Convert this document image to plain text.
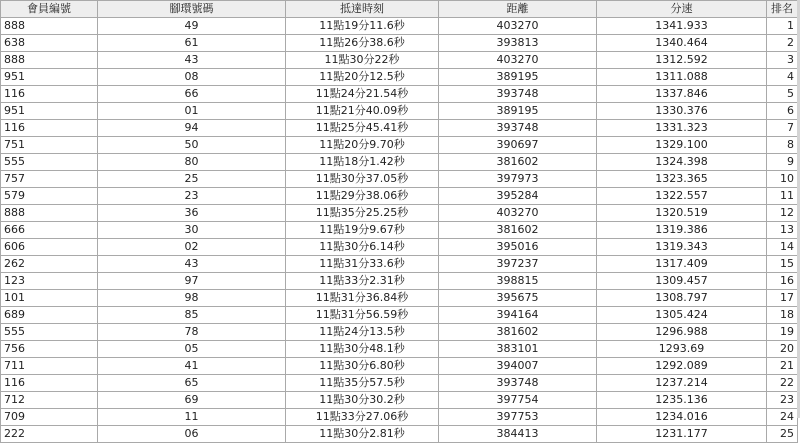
會員編號	腳環號碼	抵達時刻	距離	分速	排名
888	49	11點19分11.6秒	403270	1341.933	1
638	61	11點26分38.6秒	393813	1340.464	2
888	43	11點30分22秒	403270	1312.592	3
951	08	11點20分12.5秒	389195	1311.088	4
116	66	11點24分21.54秒	393748	1337.846	5
951	01	11點21分40.09秒	389195	1330.376	6
116	94	11點25分45.41秒	393748	1331.323	7
751	50	11點20分9.70秒	390697	1329.100	8
555	80	11點18分1.42秒	381602	1324.398	9
757	25	11點30分37.05秒	397973	1323.365	10
579	23	11點29分38.06秒	395284	1322.557	11
888	36	11點35分25.25秒	403270	1320.519	12
666	30	11點19分9.67秒	381602	1319.386	13
606	02	11點30分6.14秒	395016	1319.343	14
262	43	11點31分33.6秒	397237	1317.409	15
123	97	11點33分2.31秒	398815	1309.457	16
101	98	11點31分36.84秒	395675	1308.797	17
689	85	11點31分56.59秒	394164	1305.424	18
555	78	11點24分13.5秒	381602	1296.988	19
756	05	11點30分48.1秒	383101	1293.69	20
711	41	11點30分6.80秒	394007	1292.089	21
116	65	11點35分57.5秒	393748	1237.214	22
712	69	11點30分30.2秒	397754	1235.136	23
709	11	11點33分27.06秒	397753	1234.016	24
222	06	11點30分2.81秒	384413	1231.177	25
